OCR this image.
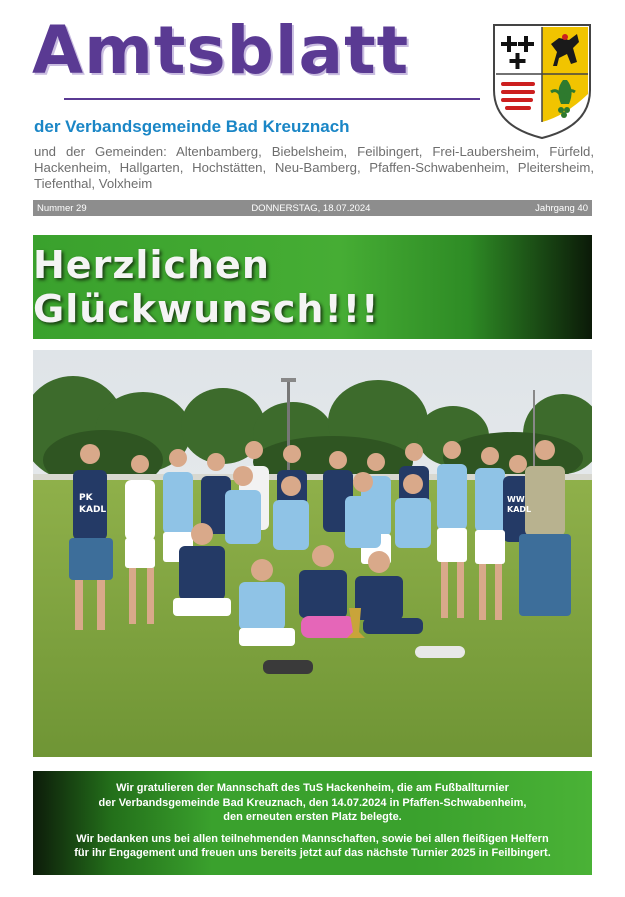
Amtsblatt
der Verbandsgemeinde Bad Kreuznach
und der Gemeinden: Altenbamberg, Biebelsheim, Feilbingert, Frei-Laubersheim, Fürfeld, Hackenheim, Hallgarten, Hochstätten, Neu-Bamberg, Pfaffen-Schwabenheim, Pleitersheim, Tiefenthal, Volxheim
Nummer 29	DONNERSTAG, 18.07.2024	Jahrgang 40
Herzlichen Glückwunsch!!!
PK
KADL
WW
KADL

Wir gratulieren der Mannschaft des TuS Hackenheim, die am Fußballturnier
der Verbandsgemeinde Bad Kreuznach, den 14.07.2024 in Pfaffen-Schwabenheim,
den erneuten ersten Platz belegte.

Wir bedanken uns bei allen teilnehmenden Mannschaften, sowie bei allen fleißigen Helfern
für ihr Engagement und freuen uns bereits jetzt auf das nächste Turnier 2025 in Feilbingert.
